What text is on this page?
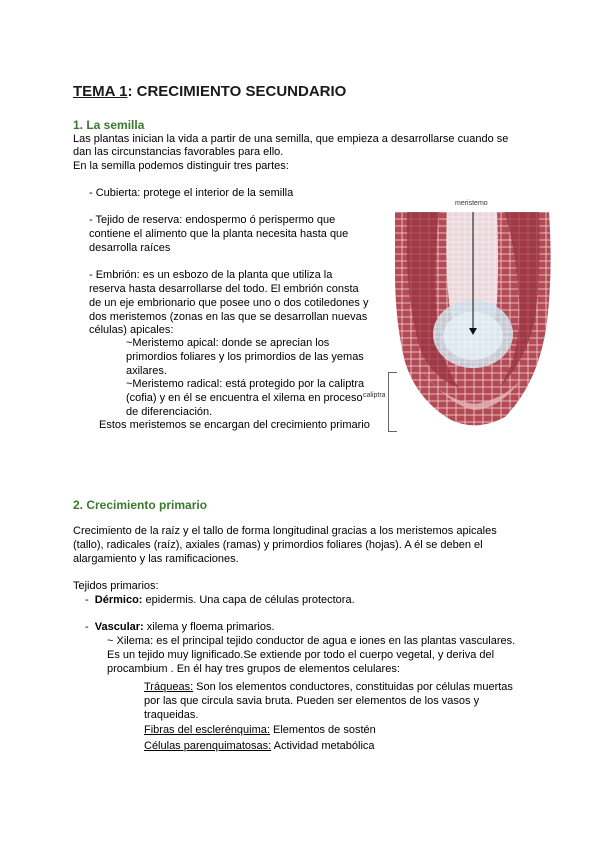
TEMA 1: CRECIMIENTO SECUNDARIO
1. La semilla
Las plantas inician la vida a partir de una semilla, que empieza a desarrollarse cuando se
dan las circunstancias favorables para ello.
En la semilla podemos distinguir tres partes:
- Cubierta: protege el interior de la semilla
- Tejido de reserva: endospermo ó perispermo que
contiene el alimento que la planta necesita hasta que
desarrolla raíces
- Embrión: es un esbozo de la planta que utiliza la
reserva hasta desarrollarse del todo. El embrión consta
de un eje embrionario que posee uno o dos cotiledones y
dos meristemos (zonas en las que se desarrollan nuevas
células) apicales:
~Meristemo apical: donde se aprecian los
primordios foliares y los primordios de las yemas
axilares.
~Meristemo radical: está protegido por la caliptra
(cofia) y en él se encuentra el xilema en proceso
de diferenciación.
Estos meristemos se encargan del crecimiento primario
meristemo
caliptra
2. Crecimiento primario
Crecimiento de la raíz y el tallo de forma longitudinal gracias a los meristemos apicales
(tallo), radicales (raíz), axiales (ramas) y primordios foliares (hojas). A él se deben el
alargamiento y las ramificaciones.
Tejidos primarios:
-  Dérmico: epidermis. Una capa de células protectora.
-  Vascular: xilema y floema primarios.
~ Xilema: es el principal tejido conductor de agua e iones en las plantas vasculares.
Es un tejido muy lignificado.Se extiende por todo el cuerpo vegetal, y deriva del
procambium . En él hay tres grupos de elementos celulares:
Tráqueas: Son los elementos conductores, constituidas por células muertas
por las que circula savia bruta. Pueden ser elementos de los vasos y
traqueidas.
Fibras del esclerénquima: Elementos de sostén
Células parenquimatosas: Actividad metabólica
